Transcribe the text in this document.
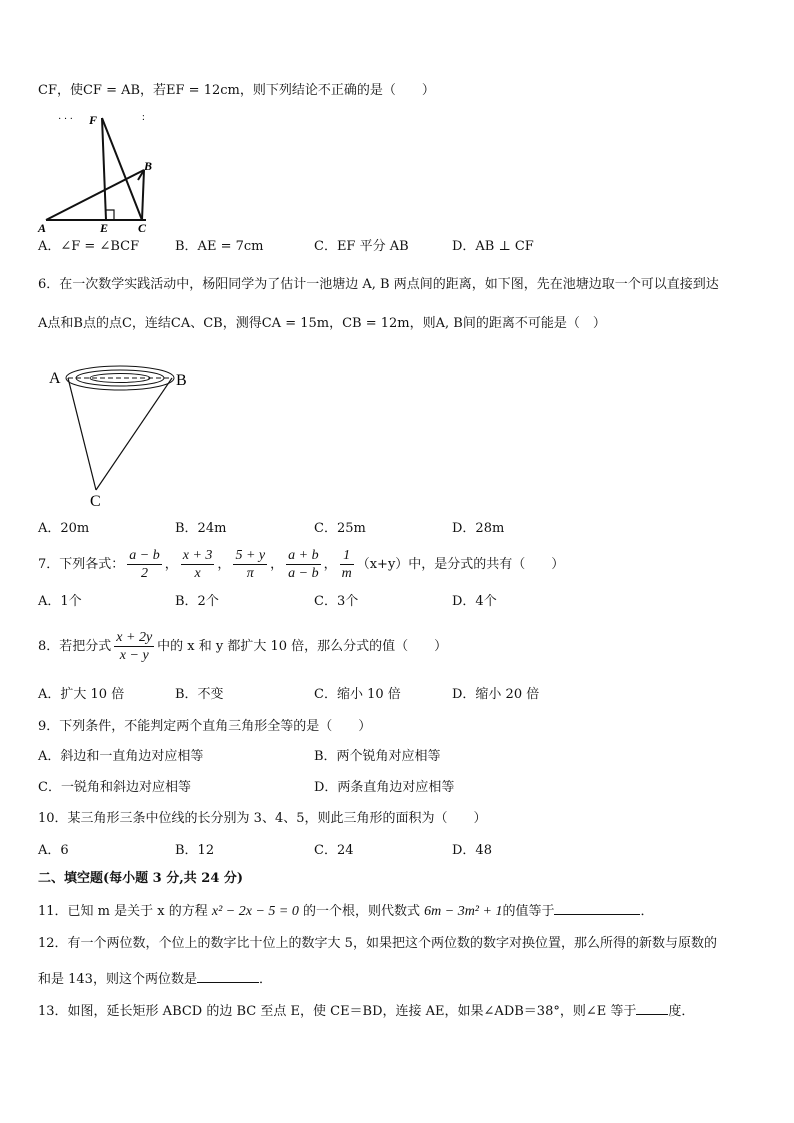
CF，使CF = AB，若EF = 12cm，则下列结论不正确的是（　　）
F
B
A	E C
· · ·	:
A．∠F = ∠BCF	B．AE = 7cm	C．EF 平分 AB	D．AB ⊥ CF
6．在一次数学实践活动中，杨阳同学为了估计一池塘边 A, B 两点间的距离，如下图，先在池塘边取一个可以直接到达
A点和B点的点C，连结CA、CB，测得CA = 15m，CB = 12m，则A, B间的距离不可能是（　）
A	B
C
A．20m	B．24m	C．25m	D．28m
7．下列各式： $\frac{a - b}{2}$ ， $\frac{x + 3}{x}$ ， $\frac{5 + y}{\pi}$ ， $\frac{a + b}{a - b}$ ， $\frac{1}{m} (x+y)$中，是分式的共有（　　）
A．1个	B．2个	C．3个	D．4个
8．若把分式 $\frac{x + 2y}{x - y}$ 中的 x 和 y 都扩大 10 倍，那么分式的值（　　）
A．扩大 10 倍	B．不变	C．缩小 10 倍	D．缩小 20 倍
9．下列条件，不能判定两个直角三角形全等的是（　　）
A．斜边和一直角边对应相等	B．两个锐角对应相等
C．一锐角和斜边对应相等	D．两条直角边对应相等
10．某三角形三条中位线的长分别为 3、4、5，则此三角形的面积为（　　）
A．6	B．12	C．24	D．48
二、填空题(每小题 3 分,共 24 分)
11．已知 m 是关于 x 的方程 x² − 2x − 5 = 0 的一个根，则代数式 6m − 3m² + 1的值等于	．
12．有一个两位数，个位上的数字比十位上的数字大 5，如果把这个两位数的数字对换位置，那么所得的新数与原数的
和是 143，则这个两位数是	．
13．如图，延长矩形 ABCD 的边 BC 至点 E，使 CE＝BD，连接 AE，如果∠ADB＝38°，则∠E 等于 度．
